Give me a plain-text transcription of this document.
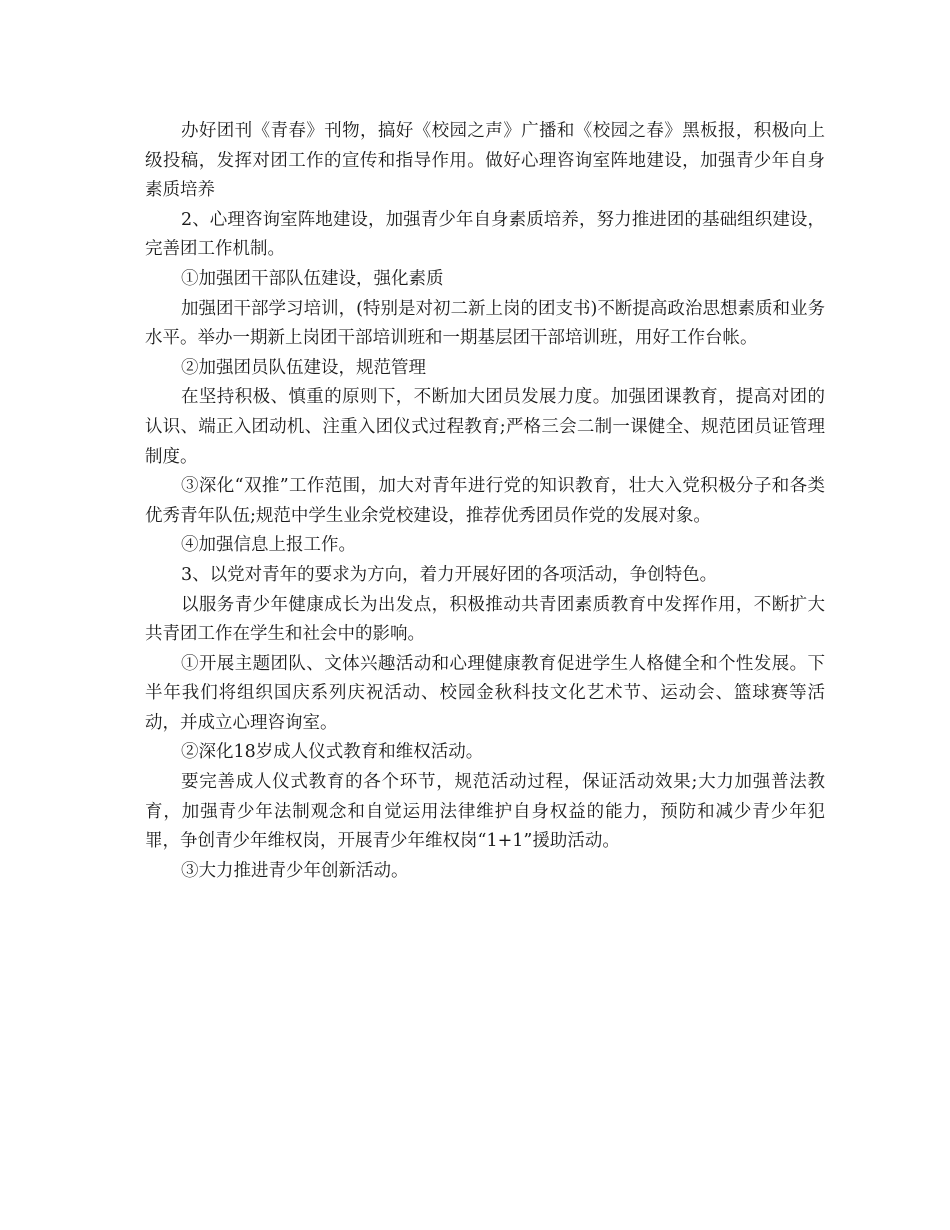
办好团刊《青春》刊物，搞好《校园之声》广播和《校园之春》黑板报，积极向上级投稿，发挥对团工作的宣传和指导作用。做好心理咨询室阵地建设，加强青少年自身素质培养

2、心理咨询室阵地建设，加强青少年自身素质培养，努力推进团的基础组织建设，完善团工作机制。

①加强团干部队伍建设，强化素质

加强团干部学习培训，(特别是对初二新上岗的团支书)不断提高政治思想素质和业务水平。举办一期新上岗团干部培训班和一期基层团干部培训班，用好工作台帐。

②加强团员队伍建设，规范管理

在坚持积极、慎重的原则下，不断加大团员发展力度。加强团课教育，提高对团的认识、端正入团动机、注重入团仪式过程教育;严格三会二制一课健全、规范团员证管理制度。

③深化“双推”工作范围，加大对青年进行党的知识教育，壮大入党积极分子和各类优秀青年队伍;规范中学生业余党校建设，推荐优秀团员作党的发展对象。

④加强信息上报工作。

3、以党对青年的要求为方向，着力开展好团的各项活动，争创特色。

以服务青少年健康成长为出发点，积极推动共青团素质教育中发挥作用，不断扩大共青团工作在学生和社会中的影响。

①开展主题团队、文体兴趣活动和心理健康教育促进学生人格健全和个性发展。下半年我们将组织国庆系列庆祝活动、校园金秋科技文化艺术节、运动会、篮球赛等活动，并成立心理咨询室。

②深化18岁成人仪式教育和维权活动。

要完善成人仪式教育的各个环节，规范活动过程，保证活动效果;大力加强普法教育，加强青少年法制观念和自觉运用法律维护自身权益的能力，预防和减少青少年犯罪，争创青少年维权岗，开展青少年维权岗“1+1”援助活动。

③大力推进青少年创新活动。
